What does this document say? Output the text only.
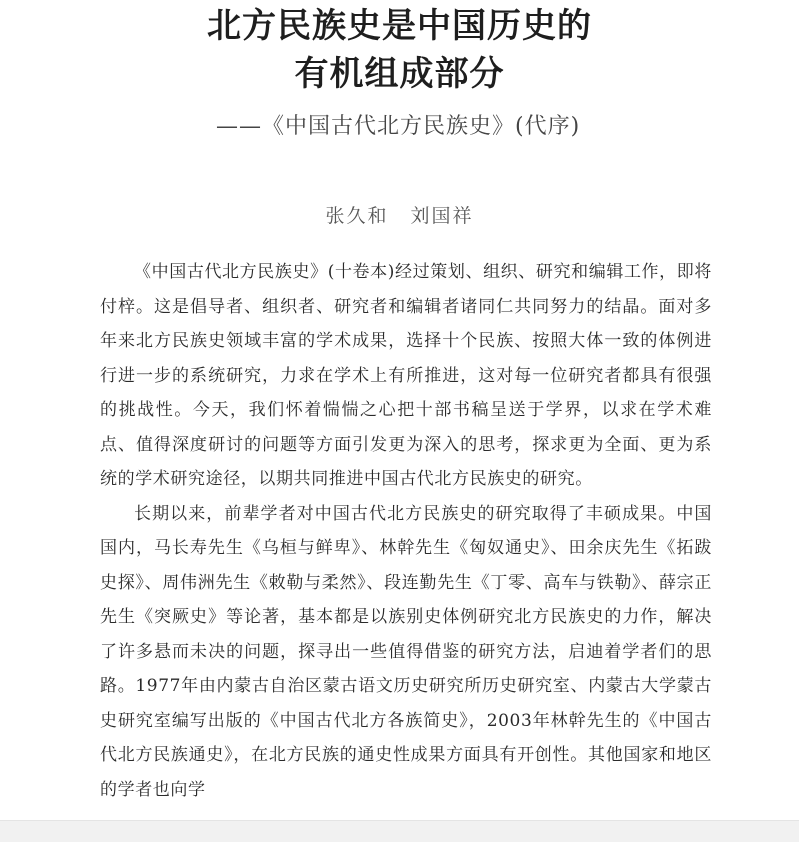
北方民族史是中国历史的
有机组成部分
——《中国古代北方民族史》(代序)
张久和 刘国祥

《中国古代北方民族史》(十卷本)经过策划、组织、研究和编辑工作，即将付梓。这是倡导者、组织者、研究者和编辑者诸同仁共同努力的结晶。面对多年来北方民族史领域丰富的学术成果，选择十个民族、按照大体一致的体例进行进一步的系统研究，力求在学术上有所推进，这对每一位研究者都具有很强的挑战性。今天，我们怀着惴惴之心把十部书稿呈送于学界，以求在学术难点、值得深度研讨的问题等方面引发更为深入的思考，探求更为全面、更为系统的学术研究途径，以期共同推进中国古代北方民族史的研究。

长期以来，前辈学者对中国古代北方民族史的研究取得了丰硕成果。中国国内，马长寿先生《乌桓与鲜卑》、林幹先生《匈奴通史》、田余庆先生《拓跋史探》、周伟洲先生《敕勒与柔然》、段连勤先生《丁零、高车与铁勒》、薛宗正先生《突厥史》等论著，基本都是以族别史体例研究北方民族史的力作，解决了许多悬而未决的问题，探寻出一些值得借鉴的研究方法，启迪着学者们的思路。1977年由内蒙古自治区蒙古语文历史研究所历史研究室、内蒙古大学蒙古史研究室编写出版的《中国古代北方各族简史》，2003年林幹先生的《中国古代北方民族通史》，在北方民族的通史性成果方面具有开创性。其他国家和地区的学者也向学
